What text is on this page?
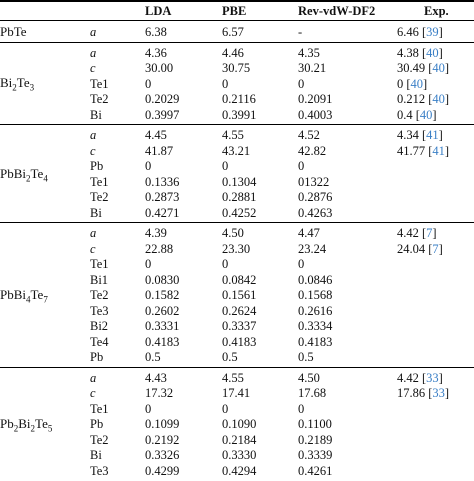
LDA	PBE	Rev-vdW-DF2	Exp.
a	6.38	6.57	-	6.46 [39]
PbTe
a	4.36	4.46	4.35	4.38 [40]
c	30.00	30.75	30.21	30.49 [40]
Te1	0	0	0	0 [40]
Te2	0.2029	0.2116	0.2091	0.212 [40]
Bi	0.3997	0.3991	0.4003	0.4 [40]
$Bi_2Te_3$
a	4.45	4.55	4.52	4.34 [41]
c	41.87	43.21	42.82	41.77 [41]
Pb	0	0	0
Te1	0.1336	0.1304	01322
Te2	0.2873	0.2881	0.2876
Bi	0.4271	0.4252	0.4263
$PbBi_2Te_4$
a	4.39	4.50	4.47	4.42 [7]
c	22.88	23.30	23.24	24.04 [7]
Te1	0	0	0
Bi1	0.0830	0.0842	0.0846
Te2	0.1582	0.1561	0.1568
Te3	0.2602	0.2624	0.2616
Bi2	0.3331	0.3337	0.3334
Te4	0.4183	0.4183	0.4183
Pb	0.5	0.5	0.5
$PbBi_4Te_7$
a	4.43	4.55	4.50	4.42 [33]
c	17.32	17.41	17.68	17.86 [33]
Te1	0	0	0
Pb	0.1099	0.1090	0.1100
Te2	0.2192	0.2184	0.2189
Bi	0.3326	0.3330	0.3339
Te3	0.4299	0.4294	0.4261
$Pb_2Bi_2Te_5$
